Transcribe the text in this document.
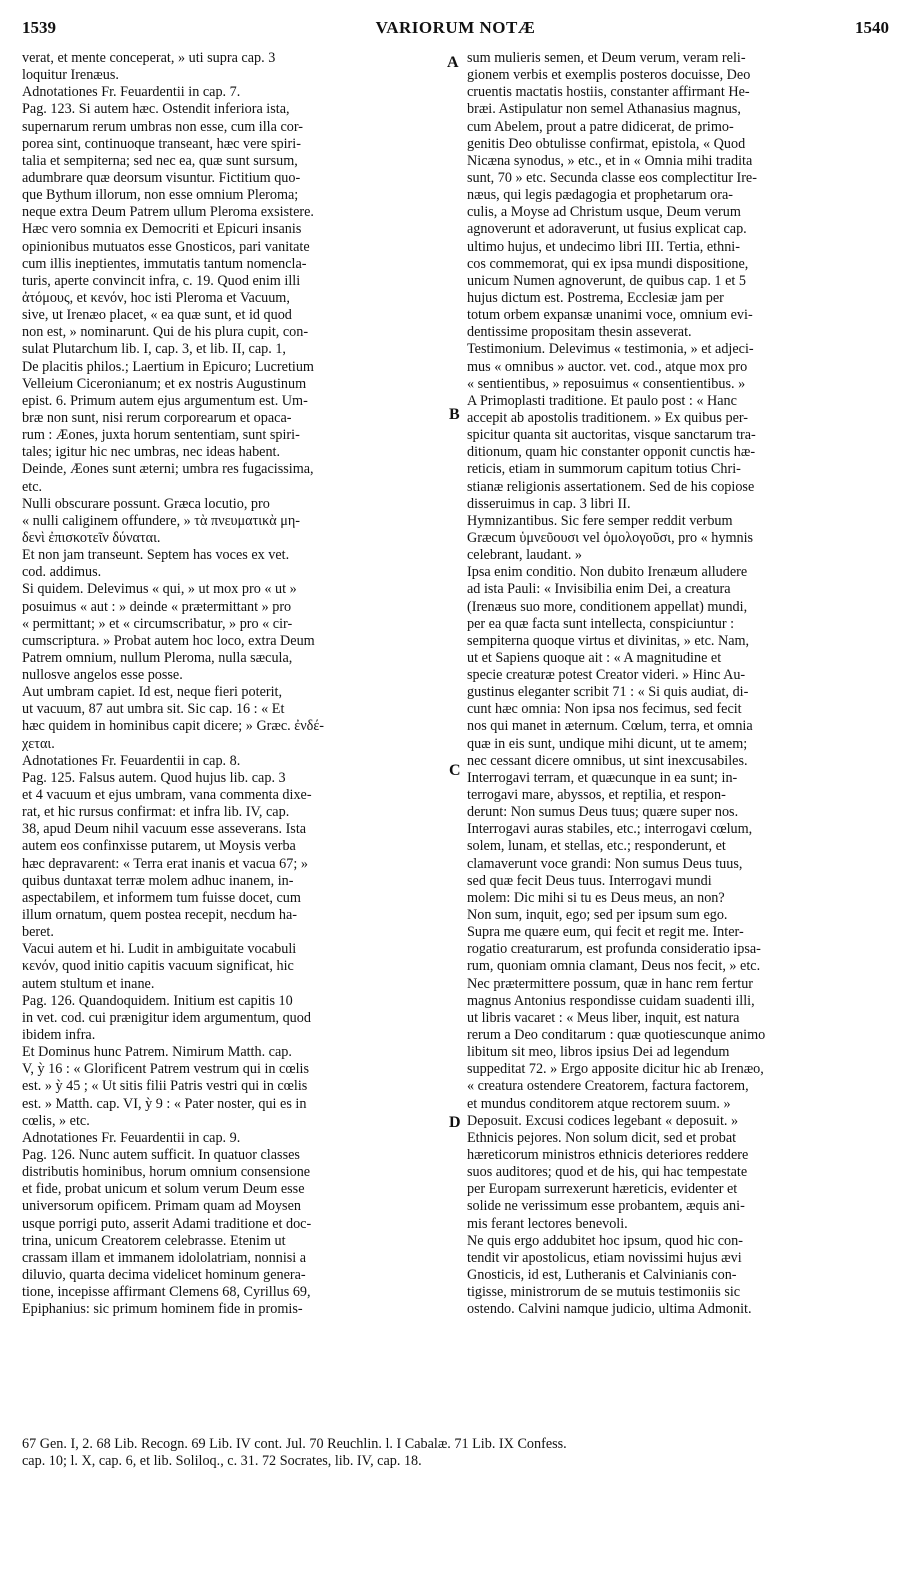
1539	VARIORUM NOTÆ	1540
verat, et mente conceperat, » uti supra cap. 3
loquitur Irenæus.
Adnotationes Fr. Feuardentii in cap. 7.
Pag. 123. Si autem hæc. Ostendit inferiora ista,
supernarum rerum umbras non esse, cum illa cor-
porea sint, continuoque transeant, hæc vere spiri-
talia et sempiterna; sed nec ea, quæ sunt sursum,
adumbrare quæ deorsum visuntur. Fictitium quo-
que Bythum illorum, non esse omnium Pleroma;
neque extra Deum Patrem ullum Pleroma exsistere.
Hæc vero somnia ex Democriti et Epicuri insanis
opinionibus mutuatos esse Gnosticos, pari vanitate
cum illis ineptientes, immutatis tantum nomencla-
turis, aperte convincit infra, c. 19. Quod enim illi
ἀτόμους, et κενόν, hoc isti Pleroma et Vacuum,
sive, ut Irenæo placet, « ea quæ sunt, et id quod
non est, » nominarunt. Qui de his plura cupit, con-
sulat Plutarchum lib. I, cap. 3, et lib. II, cap. 1,
De placitis philos.; Laertium in Epicuro; Lucretium
Velleium Ciceronianum; et ex nostris Augustinum
epist. 6. Primum autem ejus argumentum est. Um-
bræ non sunt, nisi rerum corporearum et opaca-
rum : Æones, juxta horum sententiam, sunt spiri-
tales; igitur hic nec umbras, nec ideas habent.
Deinde, Æones sunt æterni; umbra res fugacissima,
etc.
Nulli obscurare possunt. Græca locutio, pro
« nulli caliginem offundere, » τὰ πνευματικὰ μη-
δενὶ ἐπισκοτεῖν δύναται.
Et non jam transeunt. Septem has voces ex vet.
cod. addimus.
Si quidem. Delevimus « qui, » ut mox pro « ut »
posuimus « aut : » deinde « prætermittant » pro
« permittant; » et « circumscribatur, » pro « cir-
cumscriptura. » Probat autem hoc loco, extra Deum
Patrem omnium, nullum Pleroma, nulla sæcula,
nullosve angelos esse posse.
Aut umbram capiet. Id est, neque fieri poterit,
ut vacuum, 87 aut umbra sit. Sic cap. 16 : « Et
hæc quidem in hominibus capit dicere; » Græc. ἐνδέ-
χεται.
Adnotationes Fr. Feuardentii in cap. 8.
Pag. 125. Falsus autem. Quod hujus lib. cap. 3
et 4 vacuum et ejus umbram, vana commenta dixe-
rat, et hic rursus confirmat: et infra lib. IV, cap.
38, apud Deum nihil vacuum esse asseverans. Ista
autem eos confinxisse putarem, ut Moysis verba
hæc depravarent: « Terra erat inanis et vacua 67; »
quibus duntaxat terræ molem adhuc inanem, in-
aspectabilem, et informem tum fuisse docet, cum
illum ornatum, quem postea recepit, necdum ha-
beret.
Vacui autem et hi. Ludit in ambiguitate vocabuli
κενόν, quod initio capitis vacuum significat, hic
autem stultum et inane.
Pag. 126. Quandoquidem. Initium est capitis 10
in vet. cod. cui prænigitur idem argumentum, quod
ibidem infra.
Et Dominus hunc Patrem. Nimirum Matth. cap.
V, ỳ 16 : « Glorificent Patrem vestrum qui in cœlis
est. » ỳ 45 ; « Ut sitis filii Patris vestri qui in cœlis
est. » Matth. cap. VI, ỳ 9 : « Pater noster, qui es in
cœlis, » etc.
Adnotationes Fr. Feuardentii in cap. 9.
Pag. 126. Nunc autem sufficit. In quatuor classes
distributis hominibus, horum omnium consensione
et fide, probat unicum et solum verum Deum esse
universorum opificem. Primam quam ad Moysen
usque porrigi puto, asserit Adami traditione et doc-
trina, unicum Creatorem celebrasse. Etenim ut
crassam illam et immanem idololatriam, nonnisi a
diluvio, quarta decima videlicet hominum genera-
tione, incepisse affirmant Clemens 68, Cyrillus 69,
Epiphanius: sic primum hominem fide in promis-
sum mulieris semen, et Deum verum, veram reli-
gionem verbis et exemplis posteros docuisse, Deo
cruentis mactatis hostiis, constanter affirmant He-
bræi. Astipulatur non semel Athanasius magnus,
cum Abelem, prout a patre didicerat, de primo-
genitis Deo obtulisse confirmat, epistola, « Quod
Nicæna synodus, » etc., et in « Omnia mihi tradita
sunt, 70 » etc. Secunda classe eos complectitur Ire-
næus, qui legis pædagogia et prophetarum ora-
culis, a Moyse ad Christum usque, Deum verum
agnoverunt et adoraverunt, ut fusius explicat cap.
ultimo hujus, et undecimo libri III. Tertia, ethni-
cos commemorat, qui ex ipsa mundi dispositione,
unicum Numen agnoverunt, de quibus cap. 1 et 5
hujus dictum est. Postrema, Ecclesiæ jam per
totum orbem expansæ unanimi voce, omnium evi-
dentissime propositam thesin asseverat.
Testimonium. Delevimus « testimonia, » et adjeci-
mus « omnibus » auctor. vet. cod., atque mox pro
« sentientibus, » reposuimus « consentientibus. »
A Primoplasti traditione. Et paulo post : « Hanc
accepit ab apostolis traditionem. » Ex quibus per-
spicitur quanta sit auctoritas, visque sanctarum tra-
ditionum, quam hic constanter opponit cunctis hæ-
reticis, etiam in summorum capitum totius Chri-
stianæ religionis assertationem. Sed de his copiose
disseruimus in cap. 3 libri II.
Hymnizantibus. Sic fere semper reddit verbum
Græcum ὑμνεῦουσι vel ὁμολογοῦσι, pro « hymnis
celebrant, laudant. »
Ipsa enim conditio. Non dubito Irenæum alludere
ad ista Pauli: « Invisibilia enim Dei, a creatura
(Irenæus suo more, conditionem appellat) mundi,
per ea quæ facta sunt intellecta, conspiciuntur :
sempiterna quoque virtus et divinitas, » etc. Nam,
ut et Sapiens quoque ait : « A magnitudine et
specie creaturæ potest Creator videri. » Hinc Au-
gustinus eleganter scribit 71 : « Si quis audiat, di-
cunt hæc omnia: Non ipsa nos fecimus, sed fecit
nos qui manet in æternum. Cœlum, terra, et omnia
quæ in eis sunt, undique mihi dicunt, ut te amem;
nec cessant dicere omnibus, ut sint inexcusabiles.
Interrogavi terram, et quæcunque in ea sunt; in-
terrogavi mare, abyssos, et reptilia, et respon-
derunt: Non sumus Deus tuus; quære super nos.
Interrogavi auras stabiles, etc.; interrogavi cœlum,
solem, lunam, et stellas, etc.; responderunt, et
clamaverunt voce grandi: Non sumus Deus tuus,
sed quæ fecit Deus tuus. Interrogavi mundi
molem: Dic mihi si tu es Deus meus, an non?
Non sum, inquit, ego; sed per ipsum sum ego.
Supra me quære eum, qui fecit et regit me. Inter-
rogatio creaturarum, est profunda consideratio ipsa-
rum, quoniam omnia clamant, Deus nos fecit, » etc.
Nec prætermittere possum, quæ in hanc rem fertur
magnus Antonius respondisse cuidam suadenti illi,
ut libris vacaret : « Meus liber, inquit, est natura
rerum a Deo conditarum : quæ quotiescunque animo
libitum sit meo, libros ipsius Dei ad legendum
suppeditat 72. » Ergo apposite dicitur hic ab Irenæo,
« creatura ostendere Creatorem, factura factorem,
et mundus conditorem atque rectorem suum. »
Deposuit. Excusi codices legebant « deposuit. »
Ethnicis pejores. Non solum dicit, sed et probat
hæreticorum ministros ethnicis deteriores reddere
suos auditores; quod et de his, qui hac tempestate
per Europam surrexerunt hæreticis, evidenter et
solide ne verissimum esse probantem, æquis ani-
mis ferant lectores benevoli.
Ne quis ergo addubitet hoc ipsum, quod hic con-
tendit vir apostolicus, etiam novissimi hujus ævi
Gnosticis, id est, Lutheranis et Calvinianis con-
tigisse, ministrorum de se mutuis testimoniis sic
ostendo. Calvini namque judicio, ultima Admonit.
A
B
C
D
67 Gen. I, 2. 68 Lib. Recogn. 69 Lib. IV cont. Jul. 70 Reuchlin. l. I Cabalæ. 71 Lib. IX Confess.
cap. 10; l. X, cap. 6, et lib. Soliloq., c. 31. 72 Socrates, lib. IV, cap. 18.
